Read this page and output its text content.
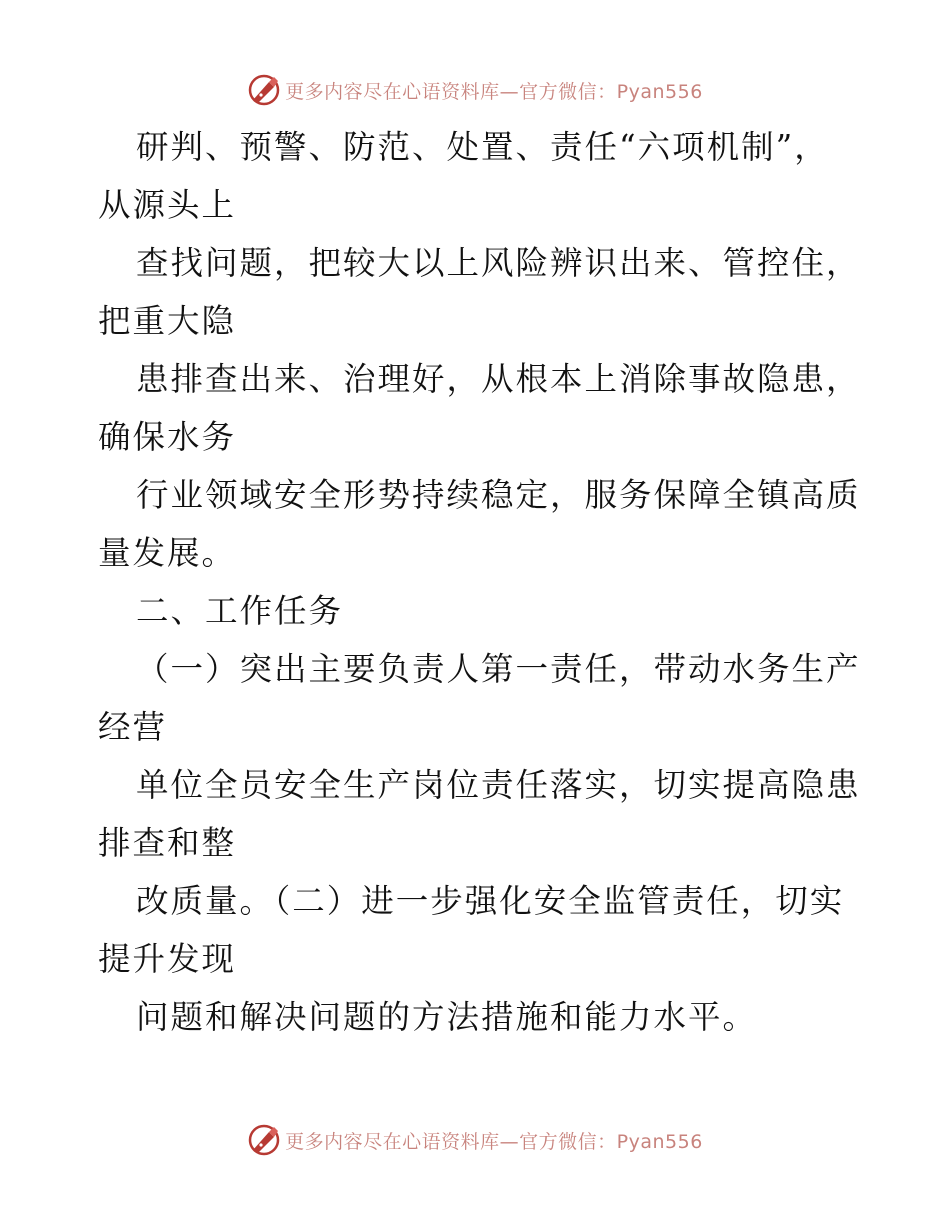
更多内容尽在心语资料库—官方微信：Pyan556
研判、预警、防范、处置、责任“六项机制”，
从源头上
查找问题，把较大以上风险辨识出来、管控住，
把重大隐
患排查出来、治理好，从根本上消除事故隐患，
确保水务
行业领域安全形势持续稳定，服务保障全镇高质
量发展。
二、工作任务
（一）突出主要负责人第一责任，带动水务生产
经营
单位全员安全生产岗位责任落实，切实提高隐患
排查和整
改质量。（二）进一步强化安全监管责任，切实
提升发现
问题和解决问题的方法措施和能力水平。
更多内容尽在心语资料库—官方微信：Pyan556
